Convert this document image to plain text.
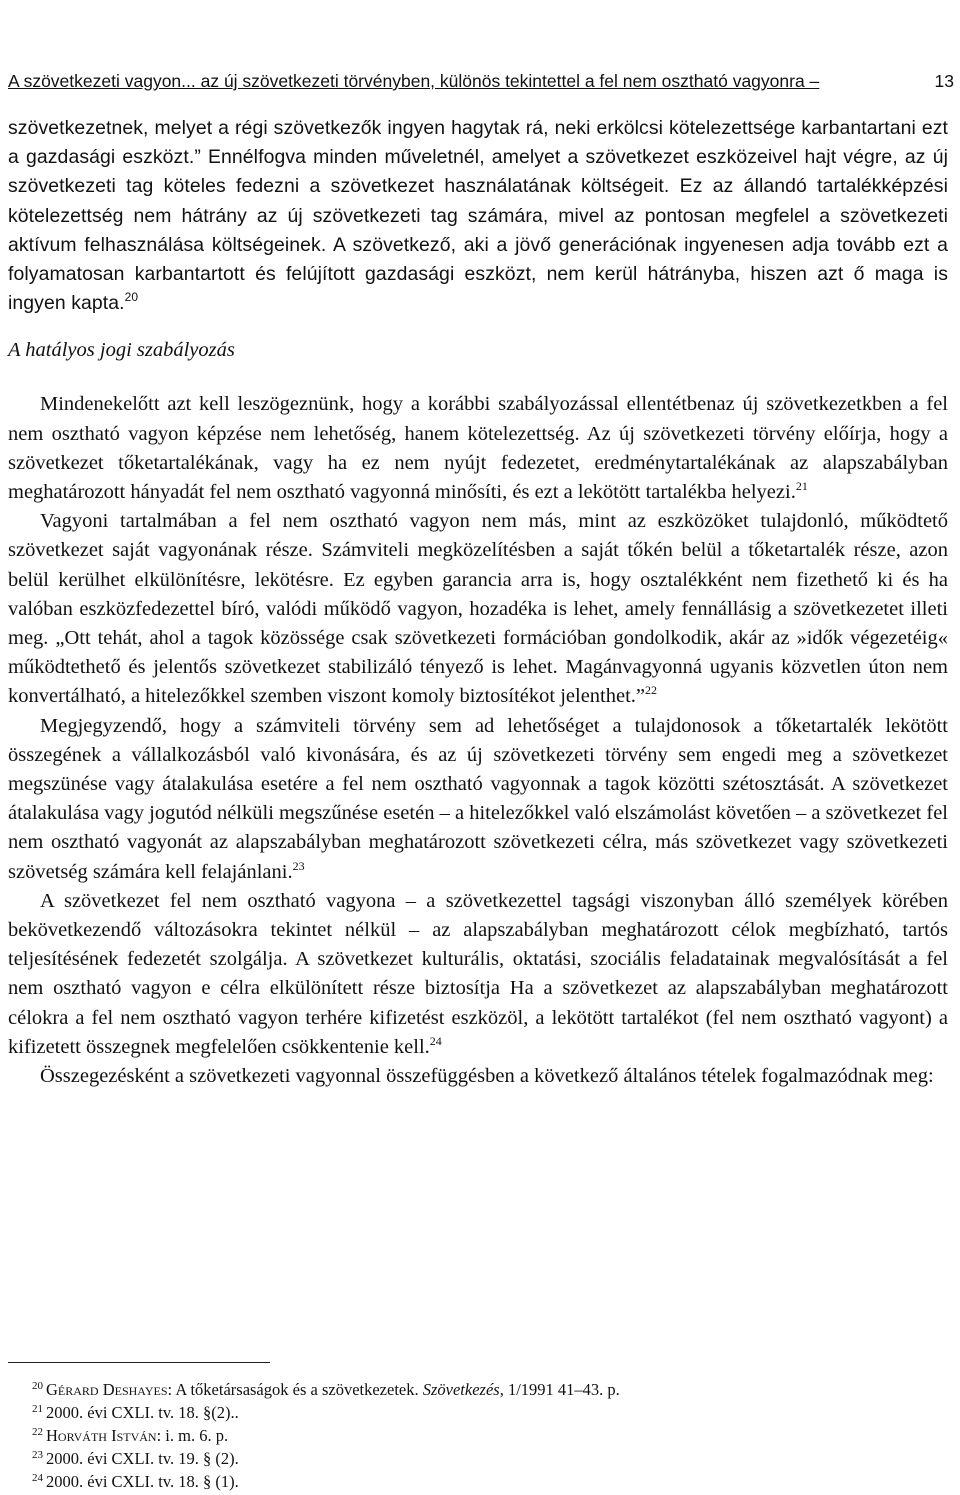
A szövetkezeti vagyon... az új szövetkezeti törvényben, különös tekintettel a fel nem osztható vagyonra –	13

szövetkezetnek, melyet a régi szövetkezők ingyen hagytak rá, neki erkölcsi kötelezettsége karbantartani ezt a gazdasági eszközt.” Ennélfogva minden műveletnél, amelyet a szövetkezet eszközeivel hajt végre, az új szövetkezeti tag köteles fedezni a szövetkezet használatának költségeit. Ez az állandó tartalékképzési kötelezettség nem hátrány az új szövetkezeti tag számára, mivel az pontosan megfelel a szövetkezeti aktívum felhasználása költségeinek. A szövetkező, aki a jövő generációnak ingyenesen adja tovább ezt a folyamatosan karbantartott és felújított gazdasági eszközt, nem kerül hátrányba, hiszen azt ő maga is ingyen kapta.$^{20}$

A hatályos jogi szabályozás

Mindenekelőtt azt kell leszögeznünk, hogy a korábbi szabályozással ellentétbenaz új szövetkezetkben a fel nem osztható vagyon képzése nem lehetőség, hanem kötelezettség. Az új szövetkezeti törvény előírja, hogy a szövetkezet tőketartalékának, vagy ha ez nem nyújt fedezetet, eredménytartalékának az alapszabályban meghatározott hányadát fel nem osztható vagyonná minősíti, és ezt a lekötött tartalékba helyezi.$^{21}$

Vagyoni tartalmában a fel nem osztható vagyon nem más, mint az eszközöket tulajdonló, működtető szövetkezet saját vagyonának része. Számviteli megközelítésben a saját tőkén belül a tőketartalék része, azon belül kerülhet elkülönítésre, lekötésre. Ez egyben garancia arra is, hogy osztalékként nem fizethető ki és ha valóban eszközfedezettel bíró, valódi működő vagyon, hozadéka is lehet, amely fennállásig a szövetkezetet illeti meg. „Ott tehát, ahol a tagok közössége csak szövetkezeti formációban gondolkodik, akár az »idők végezetéig« működtethető és jelentős szövetkezet stabilizáló tényező is lehet. Magánvagyonná ugyanis közvetlen úton nem konvertálható, a hitelezőkkel szemben viszont komoly biztosítékot jelenthet.”$^{22}$

Megjegyzendő, hogy a számviteli törvény sem ad lehetőséget a tulajdonosok a tőketartalék lekötött összegének a vállalkozásból való kivonására, és az új szövetkezeti törvény sem engedi meg a szövetkezet megszünése vagy átalakulása esetére a fel nem osztható vagyonnak a tagok közötti szétosztását. A szövetkezet átalakulása vagy jogutód nélküli megszűnése esetén – a hitelezőkkel való elszámolást követően – a szövetkezet fel nem osztható vagyonát az alapszabályban meghatározott szövetkezeti célra, más szövetkezet vagy szövetkezeti szövetség számára kell felajánlani.$^{23}$

A szövetkezet fel nem osztható vagyona – a szövetkezettel tagsági viszonyban álló személyek körében bekövetkezendő változásokra tekintet nélkül – az alapszabályban meghatározott célok megbízható, tartós teljesítésének fedezetét szolgálja. A szövetkezet kulturális, oktatási, szociális feladatainak megvalósítását a fel nem osztható vagyon e célra elkülönített része biztosítja Ha a szövetkezet az alapszabályban meghatározott célokra a fel nem osztható vagyon terhére kifizetést eszközöl, a lekötött tartalékot (fel nem osztható vagyont) a kifizetett összegnek megfelelően csökkentenie kell.$^{24}$

Összegezésként a szövetkezeti vagyonnal összefüggésben a következő általános tételek fogalmazódnak meg:

$^{20}$ Gérard Deshayes: A tőketársaságok és a szövetkezetek. Szövetkezés, 1/1991 41–43. p.
$^{21}$ 2000. évi CXLI. tv. 18. §(2)..
$^{22}$ Horváth István: i. m. 6. p.
$^{23}$ 2000. évi CXLI. tv. 19. § (2).
$^{24}$ 2000. évi CXLI. tv. 18. § (1).
